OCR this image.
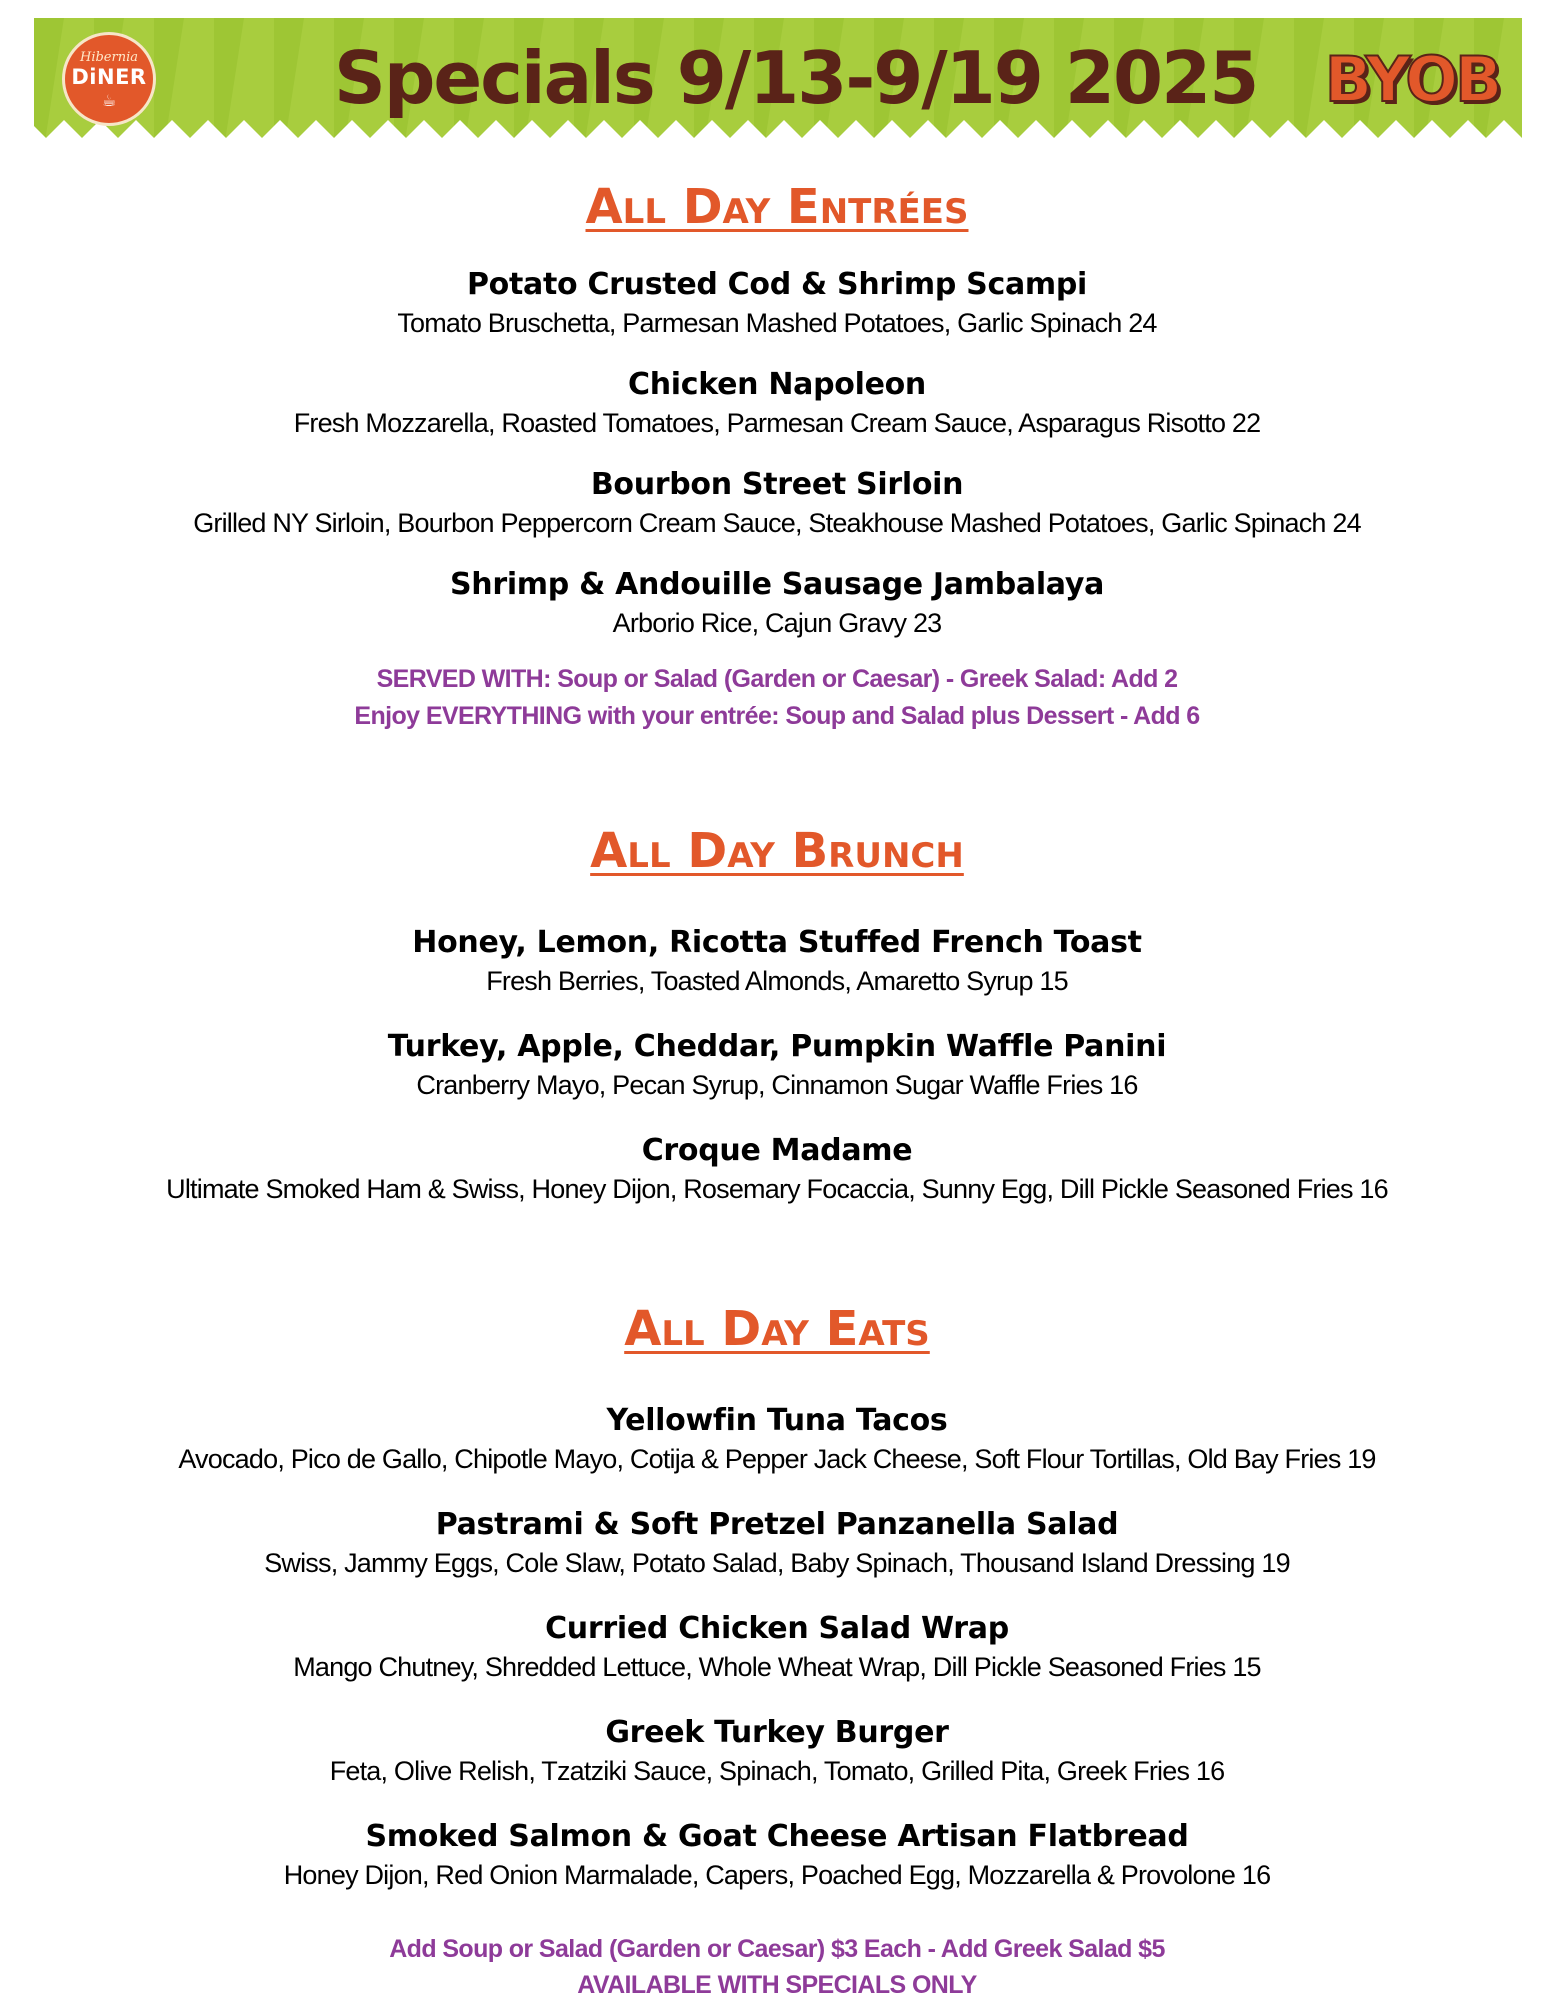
Hibernia
DiNER
☕	Specials 9/13-9/19 2025	BYOB
All Day Entrées
Potato Crusted Cod & Shrimp Scampi
Tomato Bruschetta, Parmesan Mashed Potatoes, Garlic Spinach 24
Chicken Napoleon
Fresh Mozzarella, Roasted Tomatoes, Parmesan Cream Sauce, Asparagus Risotto 22
Bourbon Street Sirloin
Grilled NY Sirloin, Bourbon Peppercorn Cream Sauce, Steakhouse Mashed Potatoes, Garlic Spinach 24
Shrimp & Andouille Sausage Jambalaya
Arborio Rice, Cajun Gravy 23
SERVED WITH: Soup or Salad (Garden or Caesar) - Greek Salad: Add 2
Enjoy EVERYTHING with your entrée: Soup and Salad plus Dessert - Add 6
All Day Brunch
Honey, Lemon, Ricotta Stuffed French Toast
Fresh Berries, Toasted Almonds, Amaretto Syrup 15
Turkey, Apple, Cheddar, Pumpkin Waffle Panini
Cranberry Mayo, Pecan Syrup, Cinnamon Sugar Waffle Fries 16
Croque Madame
Ultimate Smoked Ham & Swiss, Honey Dijon, Rosemary Focaccia, Sunny Egg, Dill Pickle Seasoned Fries 16
All Day Eats
Yellowfin Tuna Tacos
Avocado, Pico de Gallo, Chipotle Mayo, Cotija & Pepper Jack Cheese, Soft Flour Tortillas, Old Bay Fries 19
Pastrami & Soft Pretzel Panzanella Salad
Swiss, Jammy Eggs, Cole Slaw, Potato Salad, Baby Spinach, Thousand Island Dressing 19
Curried Chicken Salad Wrap
Mango Chutney, Shredded Lettuce, Whole Wheat Wrap, Dill Pickle Seasoned Fries 15
Greek Turkey Burger
Feta, Olive Relish, Tzatziki Sauce, Spinach, Tomato, Grilled Pita, Greek Fries 16
Smoked Salmon & Goat Cheese Artisan Flatbread
Honey Dijon, Red Onion Marmalade, Capers, Poached Egg, Mozzarella & Provolone 16
Add Soup or Salad (Garden or Caesar) $3 Each - Add Greek Salad $5
AVAILABLE WITH SPECIALS ONLY
